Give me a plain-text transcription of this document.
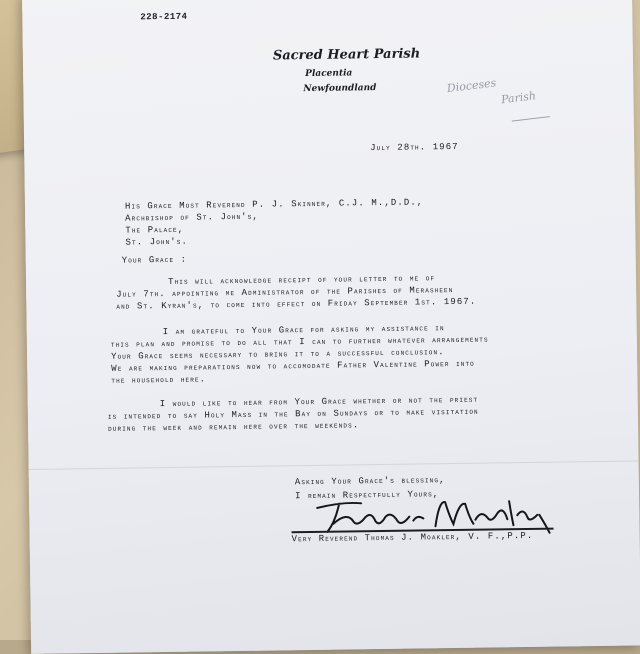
228-2174
Sacred Heart Parish
Placentia
Newfoundland	Dioceses
Parish
July 28th. 1967
His Grace Most Reverend P. J. Skinner, C.J. M.,D.D.,
Archbishop of St. John's,
The Palace,
St. John's.
Your Grace :
This will acknowledge receipt of your letter to me of
July 7th. appointing me Administrator of the Parishes of Merasheen
and St. Kyran's, to come into effect on Friday September 1st. 1967.
I am grateful to Your Grace for asking my assistance in
this plan and promise to do all that I can to further whatever arrangements
Your Grace seems necessary to bring it to a successful conclusion.
We are making preparations now to accomodate Father Valentine Power into
the household here.
I would like to hear from Your Grace whether or not the priest
is intended to say Holy Mass in the Bay on Sundays or to make visitation
during the week and remain here over the weekends.
Asking Your Grace's blessing,
I remain Respectfully Yours,
Very Reverend Thomas J. Moakler, V. F.,P.P.
